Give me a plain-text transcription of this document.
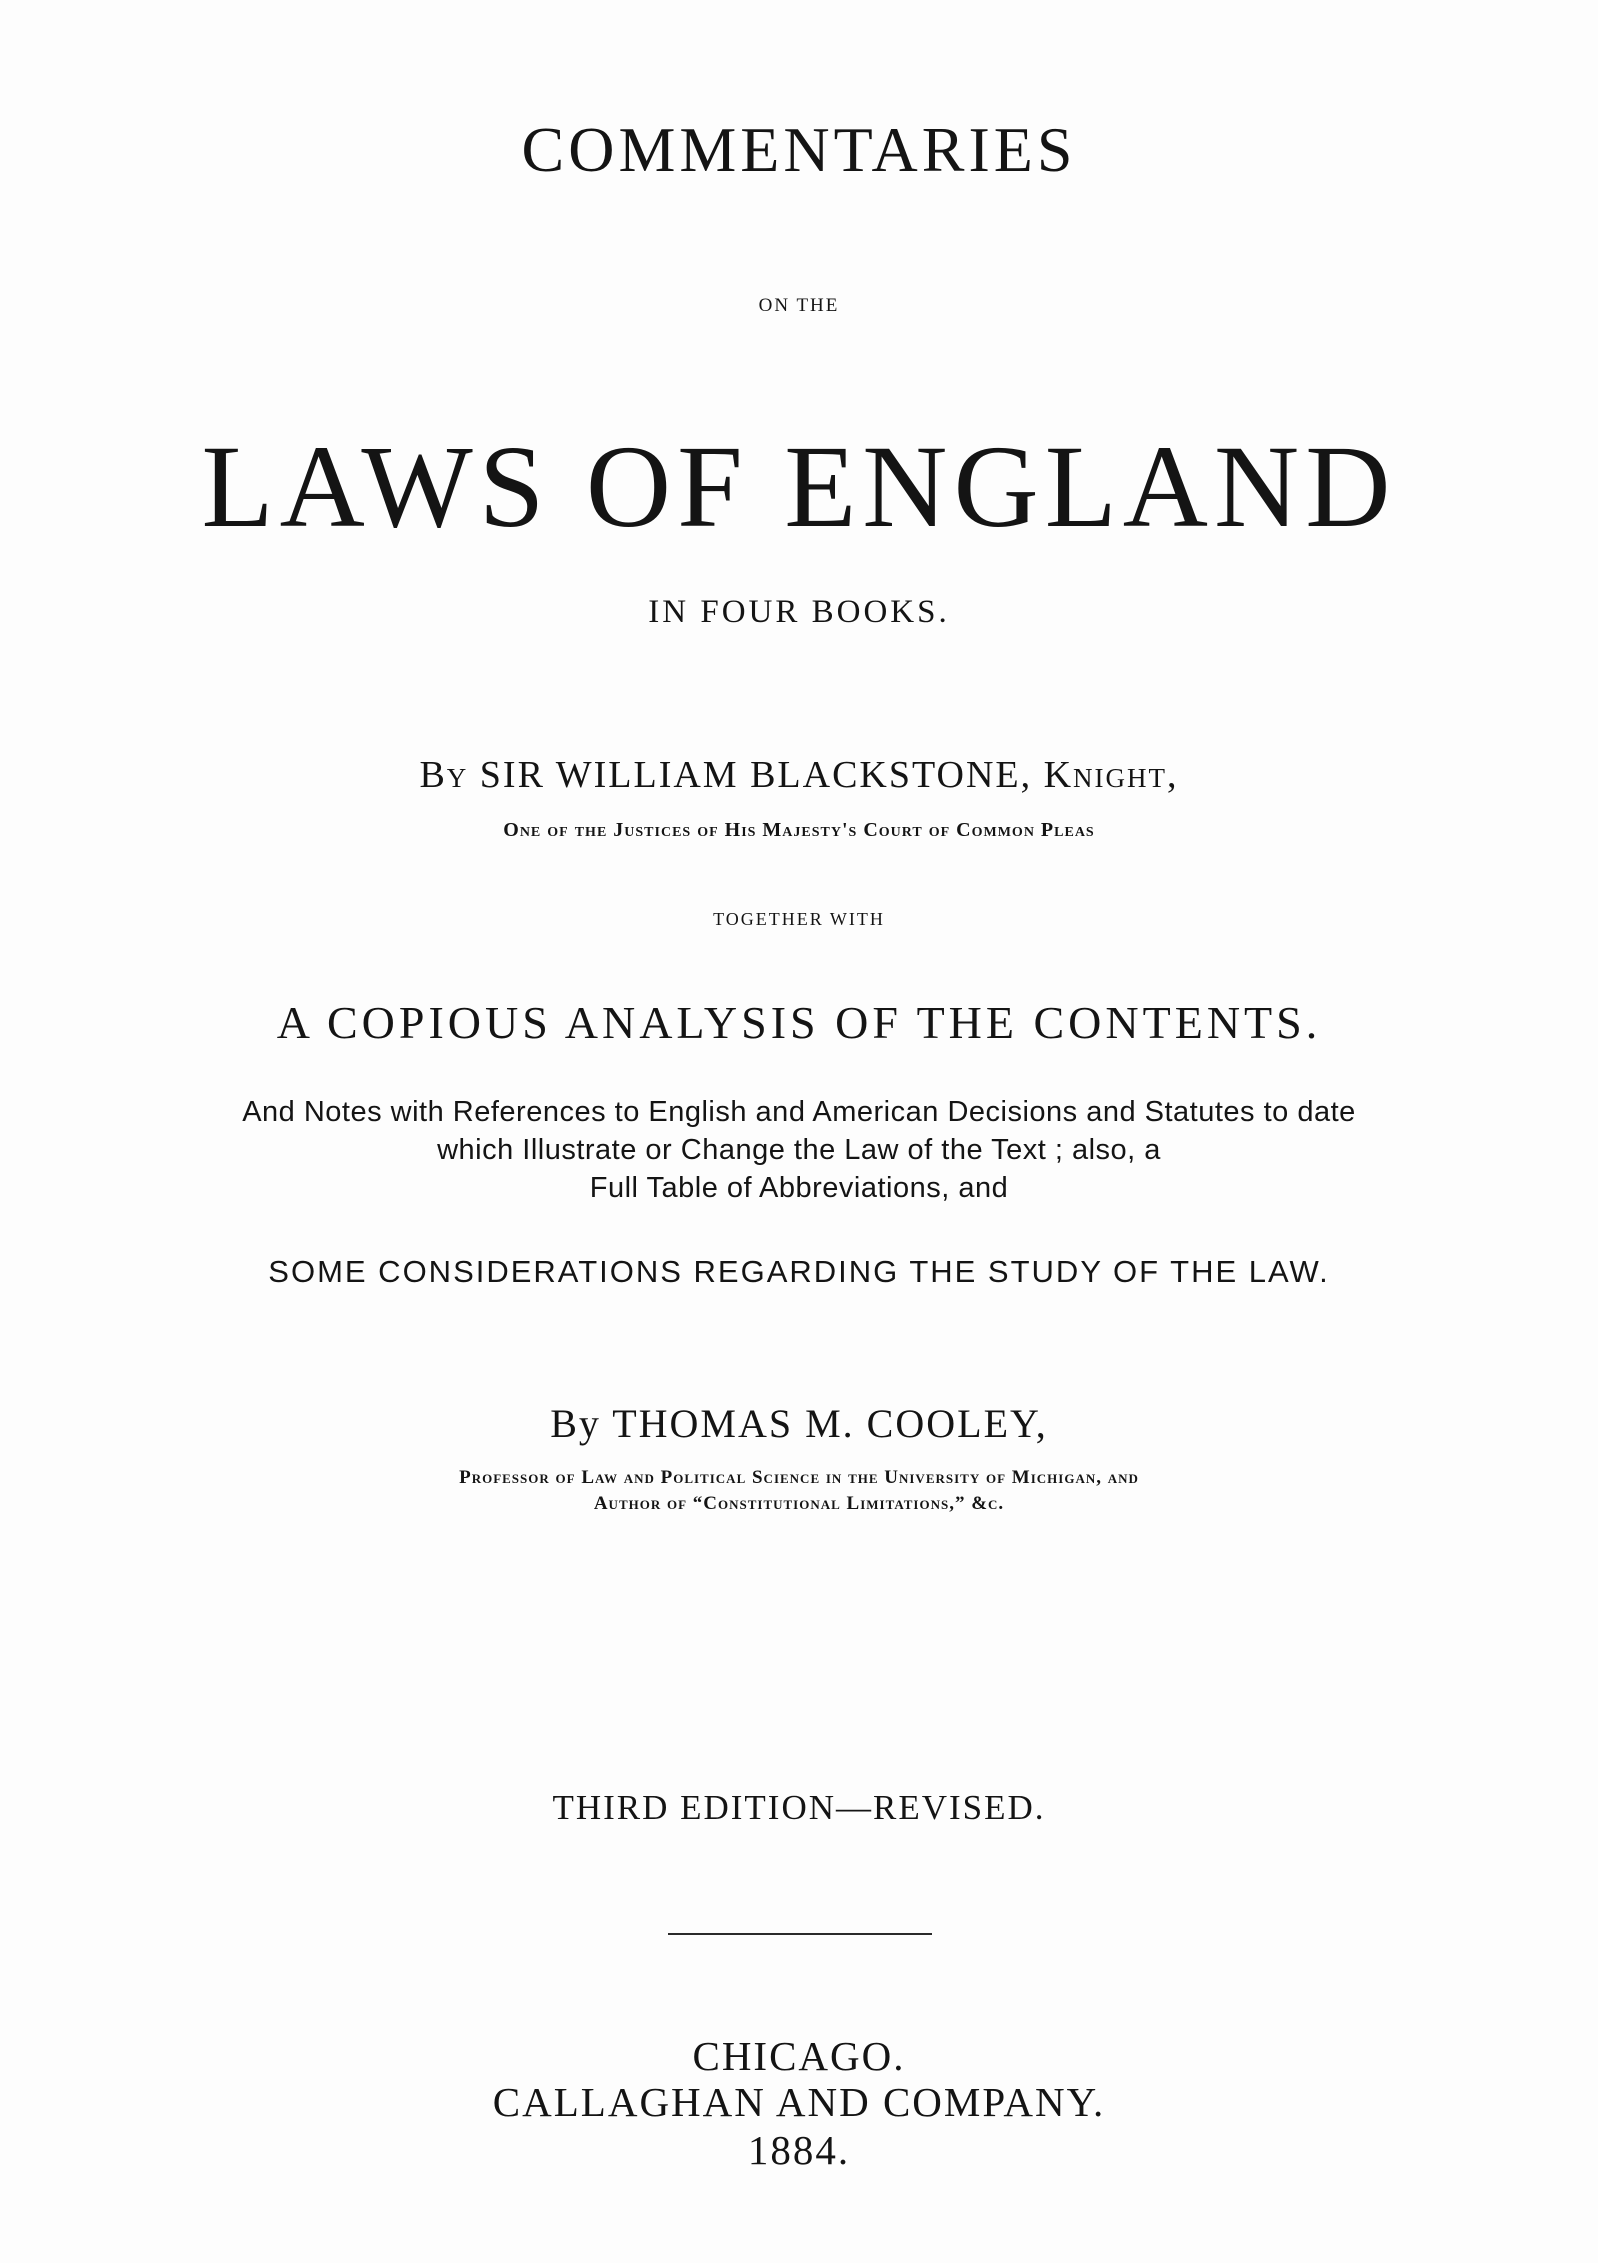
COMMENTARIES
ON THE
LAWS OF ENGLAND
IN FOUR BOOKS.
By SIR WILLIAM BLACKSTONE, Knight,
One of the Justices of His Majesty's Court of Common Pleas
TOGETHER WITH
A COPIOUS ANALYSIS OF THE CONTENTS.
And Notes with References to English and American Decisions and Statutes to date
which Illustrate or Change the Law of the Text ; also, a
Full Table of Abbreviations, and
SOME CONSIDERATIONS REGARDING THE STUDY OF THE LAW.
By THOMAS M. COOLEY,
Professor of Law and Political Science in the University of Michigan, and
Author of “Constitutional Limitations,” &c.
THIRD EDITION—REVISED.
CHICAGO.
CALLAGHAN AND COMPANY.
1884.
